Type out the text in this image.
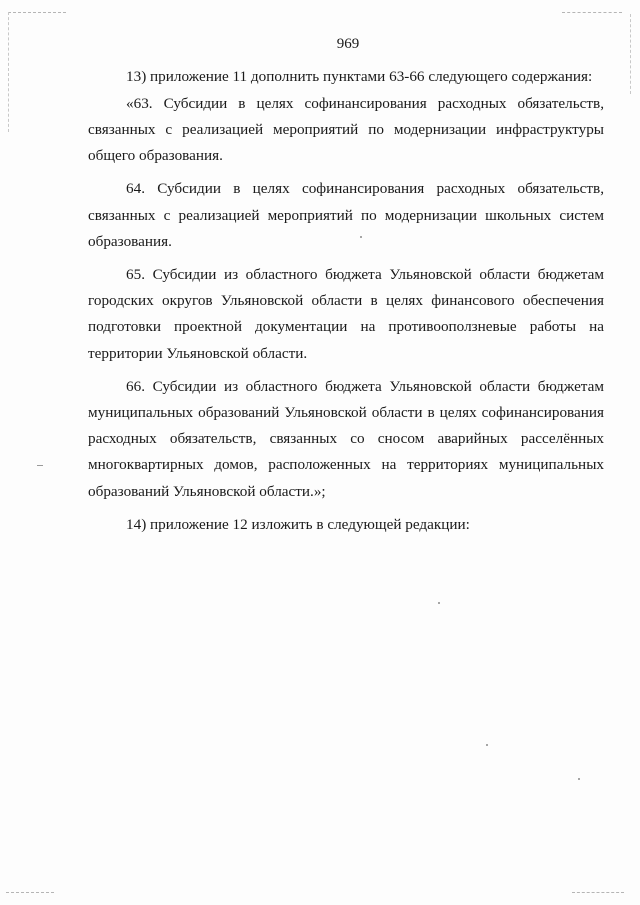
969

13) приложение 11 дополнить пунктами 63-66 следующего содержания:

«63. Субсидии в целях софинансирования расходных обязательств, связанных с реализацией мероприятий по модернизации инфраструктуры общего образования.

64. Субсидии в целях софинансирования расходных обязательств, связанных с реализацией мероприятий по модернизации школьных систем образования.

65. Субсидии из областного бюджета Ульяновской области бюджетам городских округов Ульяновской области в целях финансового обеспечения подготовки проектной документации на противооползневые работы на территории Ульяновской области.

66. Субсидии из областного бюджета Ульяновской области бюджетам муниципальных образований Ульяновской области в целях софинансирования расходных обязательств, связанных со сносом аварийных расселённых многоквартирных домов, расположенных на территориях муниципальных образований Ульяновской области.»;

14) приложение 12 изложить в следующей редакции:
